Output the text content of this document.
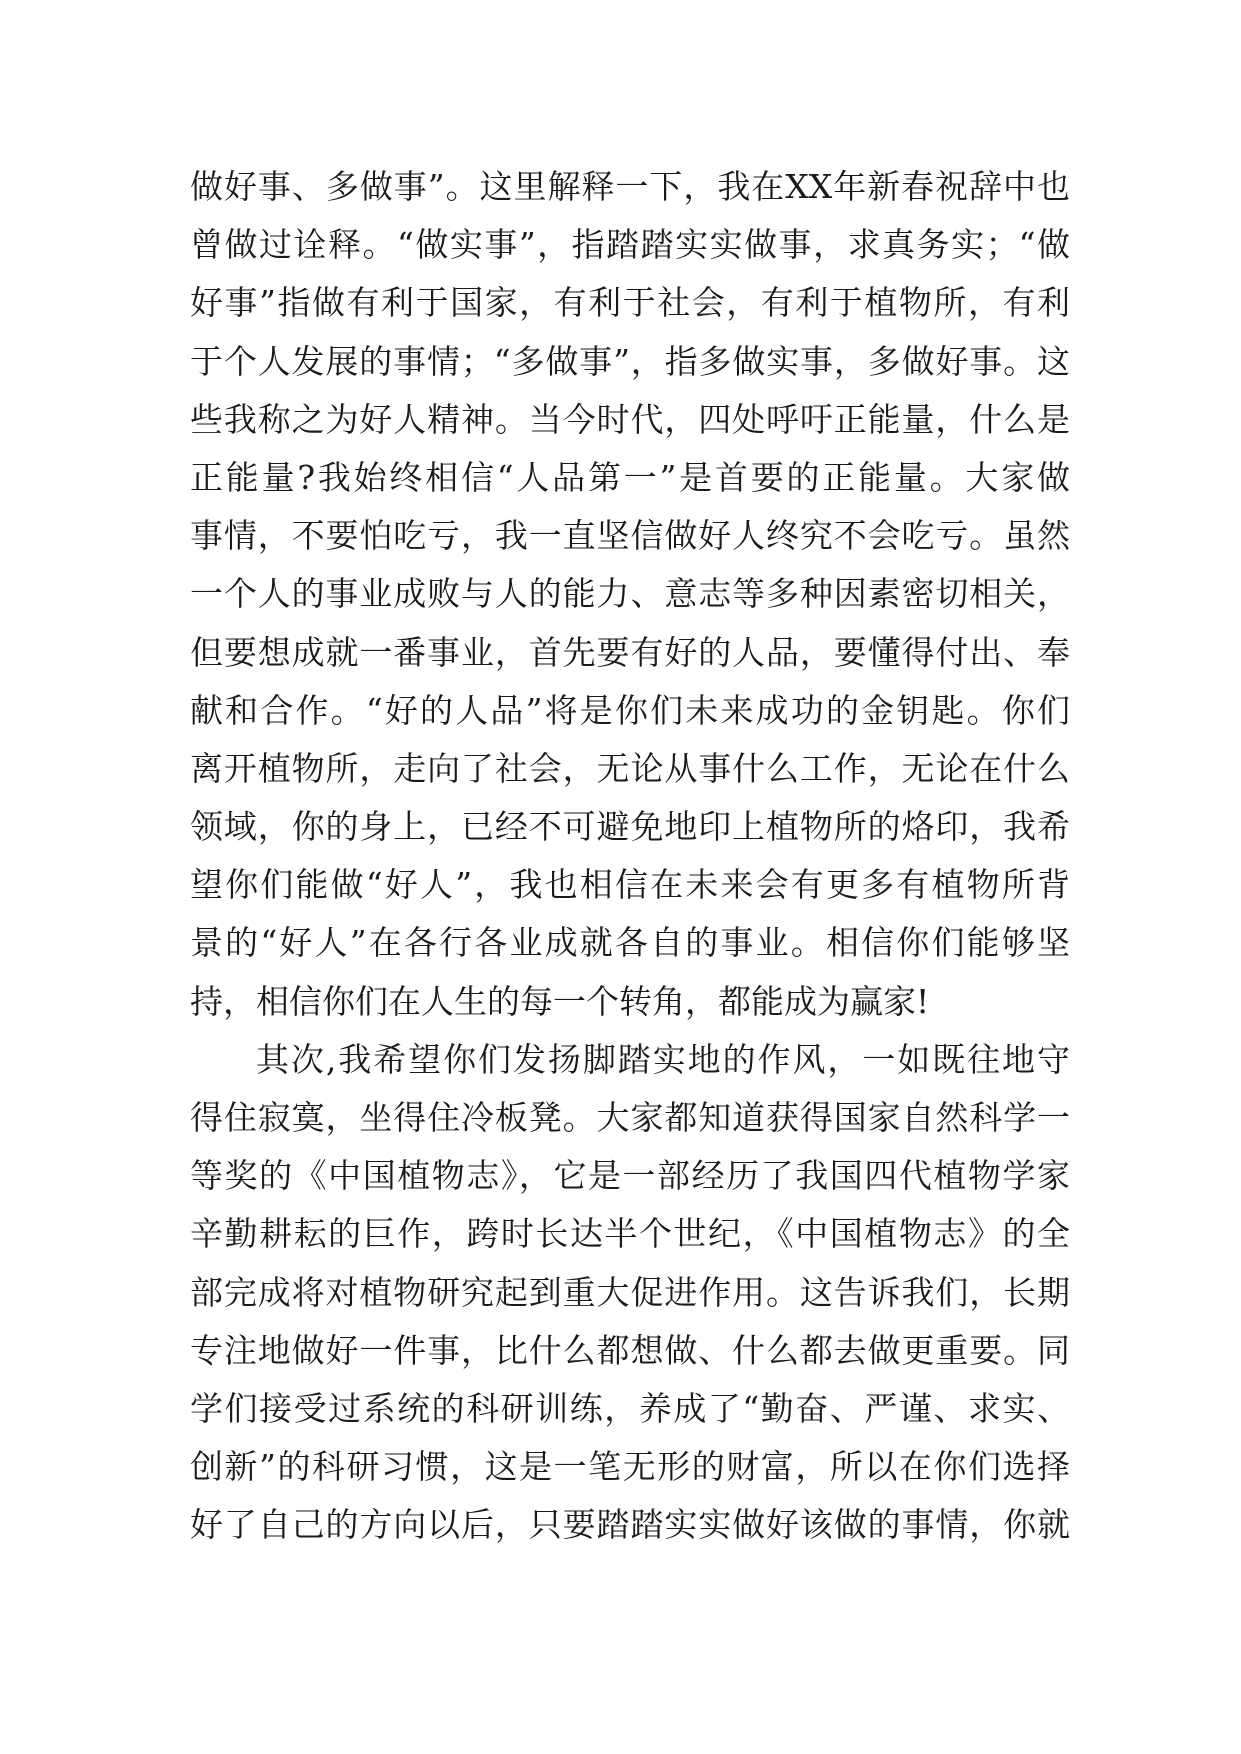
做好事、多做事”。这里解释一下，我在XX年新春祝辞中也
曾做过诠释。“做实事”，指踏踏实实做事，求真务实；“做
好事”指做有利于国家，有利于社会，有利于植物所，有利
于个人发展的事情；“多做事”，指多做实事，多做好事。这
些我称之为好人精神。当今时代，四处呼吁正能量，什么是
正能量?我始终相信“人品第一”是首要的正能量。大家做
事情，不要怕吃亏，我一直坚信做好人终究不会吃亏。虽然
一个人的事业成败与人的能力、意志等多种因素密切相关，
但要想成就一番事业，首先要有好的人品，要懂得付出、奉
献和合作。“好的人品”将是你们未来成功的金钥匙。你们
离开植物所，走向了社会，无论从事什么工作，无论在什么
领域，你的身上，已经不可避免地印上植物所的烙印，我希
望你们能做“好人”，我也相信在未来会有更多有植物所背
景的“好人”在各行各业成就各自的事业。相信你们能够坚
持，相信你们在人生的每一个转角，都能成为赢家!
其次,我希望你们发扬脚踏实地的作风，一如既往地守
得住寂寞，坐得住冷板凳。大家都知道获得国家自然科学一
等奖的《中国植物志》，它是一部经历了我国四代植物学家
辛勤耕耘的巨作，跨时长达半个世纪，《中国植物志》的全
部完成将对植物研究起到重大促进作用。这告诉我们，长期
专注地做好一件事，比什么都想做、什么都去做更重要。同
学们接受过系统的科研训练，养成了“勤奋、严谨、求实、
创新”的科研习惯，这是一笔无形的财富，所以在你们选择
好了自己的方向以后，只要踏踏实实做好该做的事情，你就
